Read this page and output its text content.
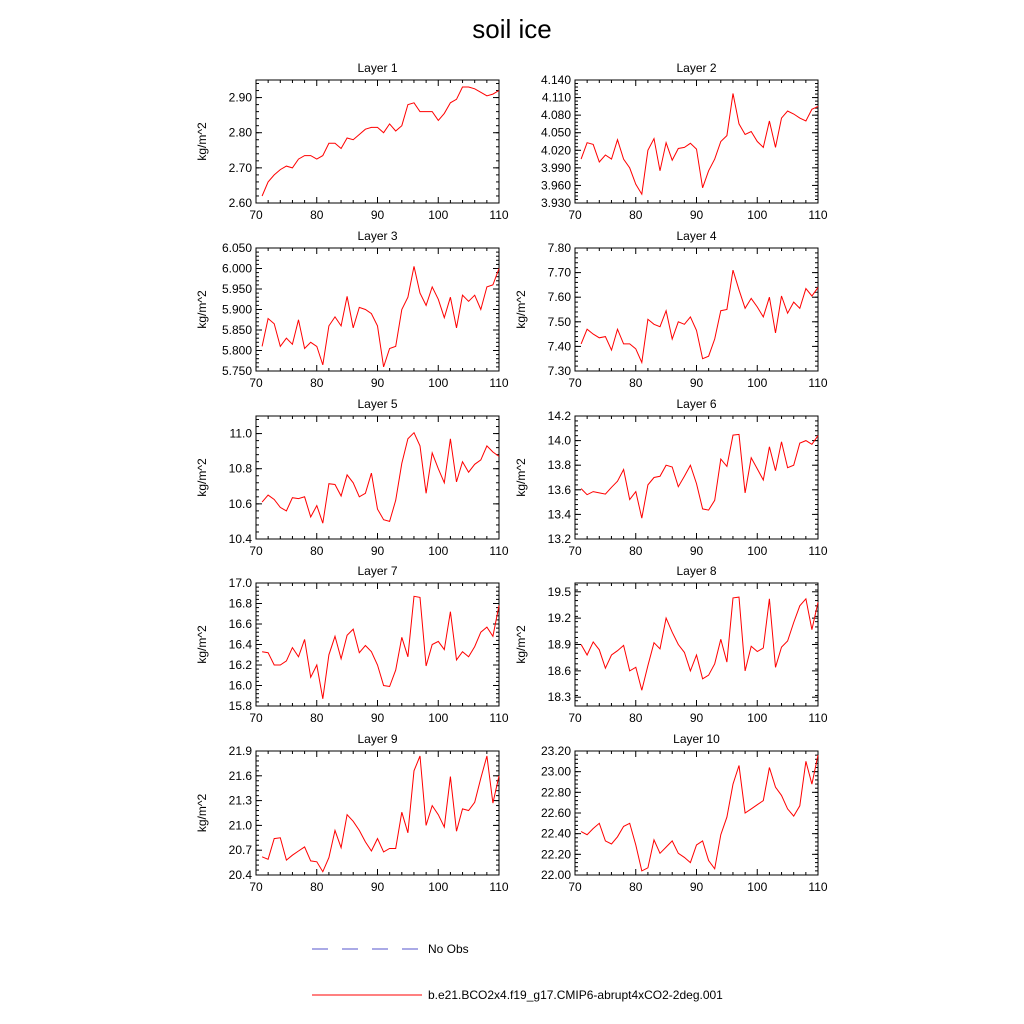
soil ice
70	80	90	100	110
2.60
2.70
2.80
2.90
Layer 1
kg/m^2
70	80	90	100	110
3.930
3.960
3.990
4.020
4.050
4.080
4.110
4.140
Layer 2
70	80	90	100	110
5.750
5.800
5.850
5.900
5.950
6.000
6.050
Layer 3
kg/m^2
70	80	90	100	110
7.30
7.40
7.50
7.60
7.70
7.80
Layer 4
kg/m^2
70	80	90	100	110
10.4
10.6
10.8
11.0
Layer 5
kg/m^2
70	80	90	100	110
13.2
13.4
13.6
13.8
14.0
14.2
Layer 6
kg/m^2
70	80	90	100	110
15.8
16.0
16.2
16.4
16.6
16.8
17.0
Layer 7
kg/m^2
70	80	90	100	110
18.3
18.6
18.9
19.2
19.5
Layer 8
kg/m^2
70	80	90	100	110
20.4
20.7
21.0
21.3
21.6
21.9
Layer 9
kg/m^2
70	80	90	100	110
22.00
22.20
22.40
22.60
22.80
23.00
23.20
Layer 10
No Obs
b.e21.BCO2x4.f19_g17.CMIP6-abrupt4xCO2-2deg.001
